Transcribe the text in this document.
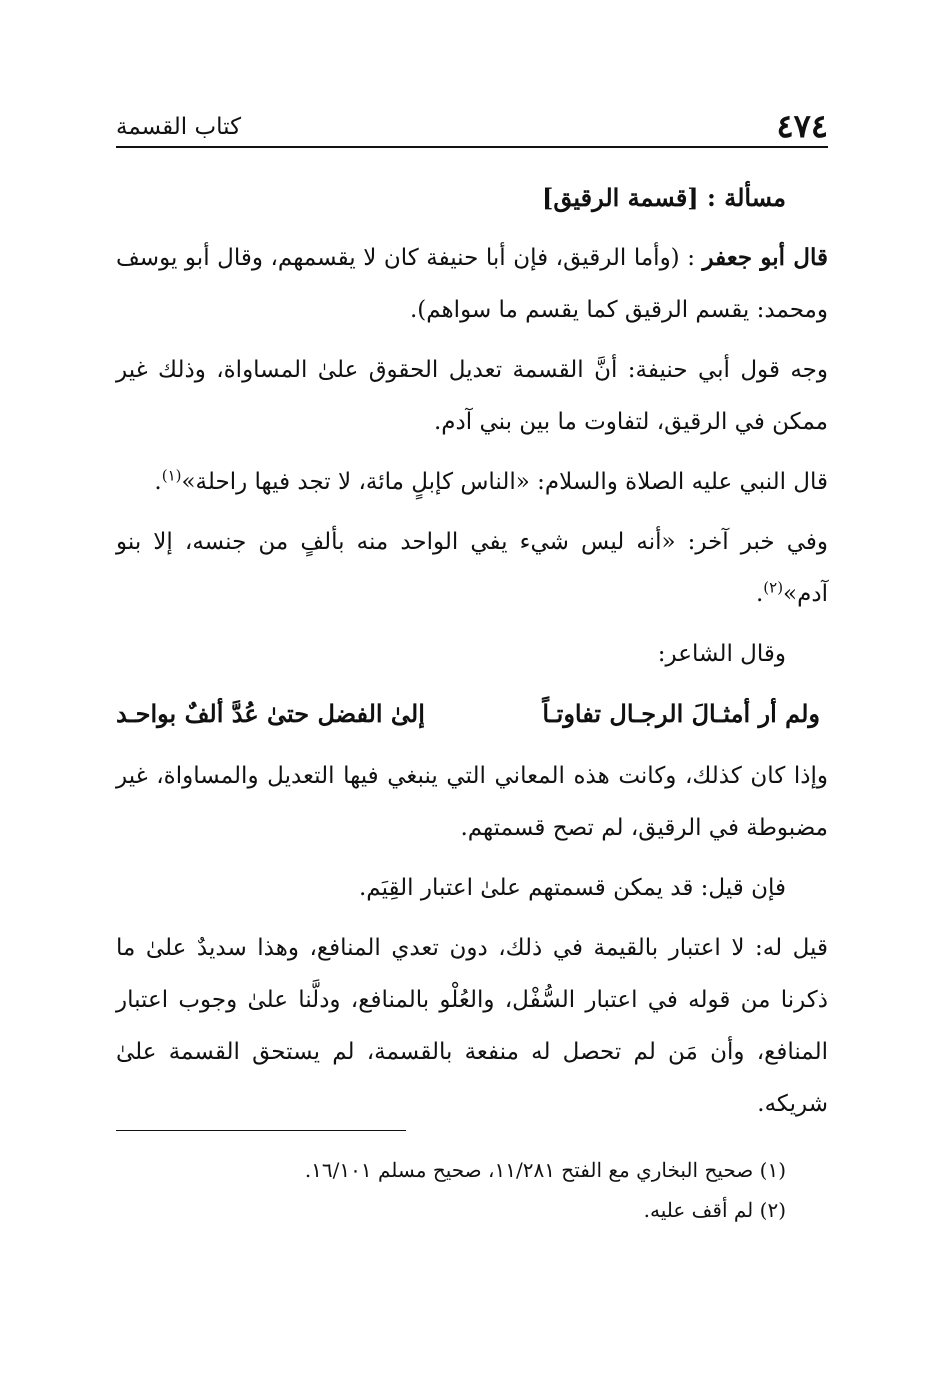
٤٧٤
كتاب القسمة
مسألة : [قسمة الرقيق]

قال أبو جعفر : (وأما الرقيق، فإن أبا حنيفة كان لا يقسمهم، وقال أبو يوسف ومحمد: يقسم الرقيق كما يقسم ما سواهم).

وجه قول أبي حنيفة: أنَّ القسمة تعديل الحقوق علىٰ المساواة، وذلك غير ممكن في الرقيق، لتفاوت ما بين بني آدم.

قال النبي عليه الصلاة والسلام: «الناس كإبلٍ مائة، لا تجد فيها راحلة»$^{(١)}$.

وفي خبر آخر: «أنه ليس شيء يفي الواحد منه بألفٍ من جنسه، إلا بنو آدم»$^{(٢)}$.

وقال الشاعر:

ولم أر أمثـالَ الرجـال تفاوتـاً
إلىٰ الفضل حتىٰ عُدَّ ألفٌ بواحـد

وإذا كان كذلك، وكانت هذه المعاني التي ينبغي فيها التعديل والمساواة، غير مضبوطة في الرقيق، لم تصح قسمتهم.

فإن قيل: قد يمكن قسمتهم علىٰ اعتبار القِيَم.

قيل له: لا اعتبار بالقيمة في ذلك، دون تعدي المنافع، وهذا سديدٌ علىٰ ما ذكرنا من قوله في اعتبار السُّفْل، والعُلْو بالمنافع، ودلَّنا علىٰ وجوب اعتبار المنافع، وأن مَن لم تحصل له منفعة بالقسمة، لم يستحق القسمة علىٰ شريكه.

(١) صحيح البخاري مع الفتح ١١/٢٨١، صحيح مسلم ١٦/١٠١.

(٢) لم أقف عليه.
